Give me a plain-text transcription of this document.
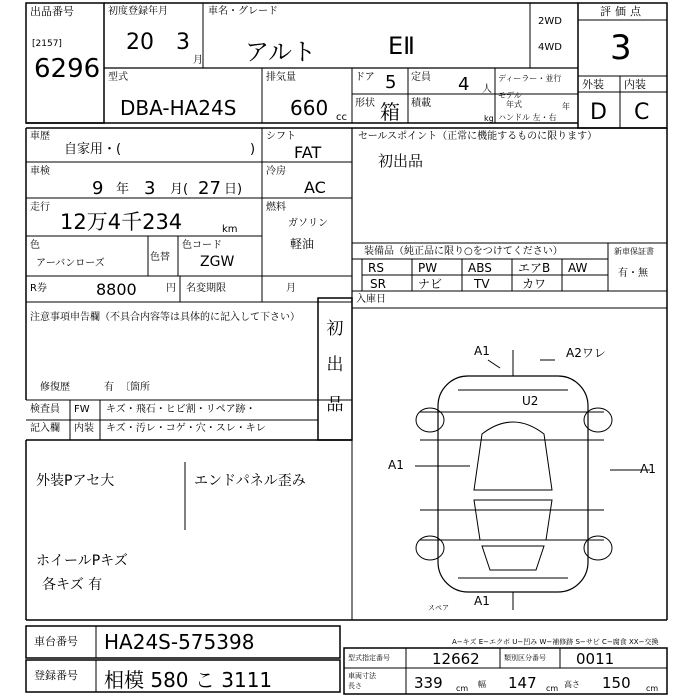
出品番号
[2157]
6296
初度登録年月
20 3
月
車名・グレード
アルト	EⅡ
2WD
4WD
評価点
3
型式
DBA-HA24S
排気量
660 cc
ドア 5 定員 4 人
ディーラー・並行
モデル
年式	年
ハンドル 左・右
形状 箱 積載
kg
外装 内装
D C
車歴
自家用・(	)
シフト
FAT
冷房
AC
燃料
ガソリン
軽油
セールスポイント（正常に機能するものに限ります）
初出品
車検
9 年 3 月( 27 日)
走行
12万4千234	km
色
アーバンローズ
色替
色コード
ZGW
装備品（純正品に限り○をつけてください）
RS	PW	ABS エアB AW
SR	ナビ	TV	カワ
新車保証書
有・無
R券	8800	円 名変期限	月
入庫日
注意事項申告欄（不具合内容等は具体的に記入して下さい）
修復歴	有 〔箇所
初
出
品
検査員
記入欄
FW キズ・飛石・ヒビ割・リペア跡・
内装 キズ・汚レ・コゲ・穴・スレ・キレ
外装Pアセ大	エンドパネル歪み
ホイールPキズ
各キズ 有
A1	A2ワレ
U2
A1	A1
A1
スペア
A−キズ E−エクボ U−凹み W−補修跡 S−サビ C−腐食 XX−交換
車台番号 HA24S-575398
登録番号 相模 580 こ 3111
型式指定番号	12662	類別区分番号 0011
車両寸法
長さ	339 cm 幅 147 cm 高さ 150 cm
